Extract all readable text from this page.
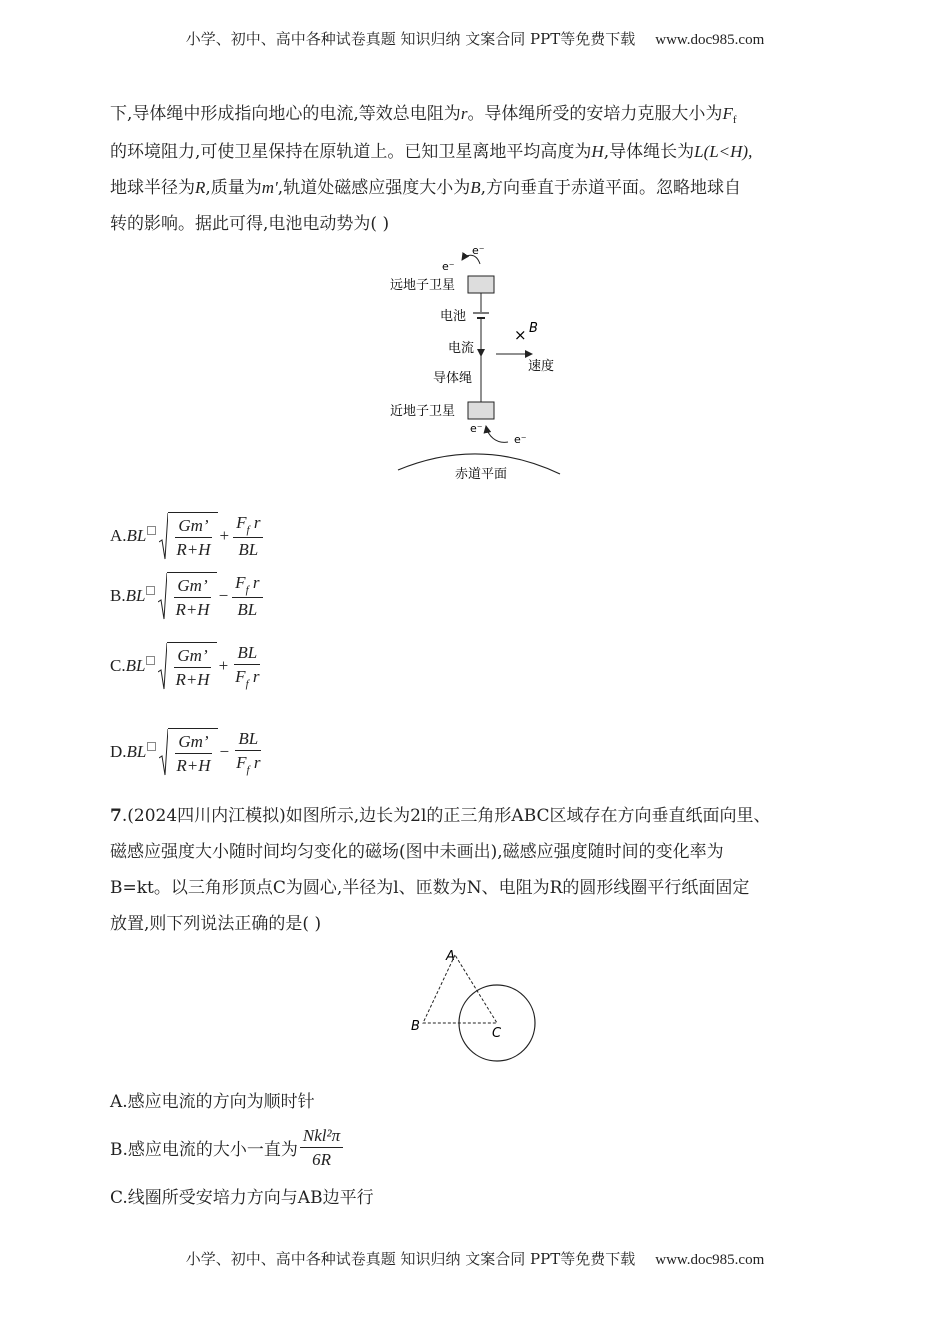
小学、初中、高中各种试卷真题 知识归纳 文案合同 PPT等免费下载 www.doc985.com
下,导体绳中形成指向地心的电流,等效总电阻为r。导体绳所受的安培力克服大小为$F_f$
的环境阻力,可使卫星保持在原轨道上。已知卫星离地平均高度为H,导体绳长为L(L<H),
地球半径为R,质量为m′,轨道处磁感应强度大小为B,方向垂直于赤道平面。忽略地球自
转的影响。据此可得,电池电动势为( )
e⁻
e⁻
远地子卫星
电池
电流
导体绳
× B
速度
近地子卫星
e⁻
e⁻
赤道平面
A. BL $\frac{Gm’}{R+H} + \frac{F_f r}{BL}$
B. BL $\frac{Gm’}{R+H} - \frac{F_f r}{BL}$
C. BL $\frac{Gm’}{R+H} + \frac{BL}{F_f r}$
D. BL $\frac{Gm’}{R+H} - \frac{BL}{F_f r}$
7.(2024四川内江模拟)如图所示,边长为2l的正三角形ABC区域存在方向垂直纸面向里、
磁感应强度大小随时间均匀变化的磁场(图中未画出),磁感应强度随时间的变化率为
B=kt。以三角形顶点C为圆心,半径为l、匝数为N、电阻为R的圆形线圈平行纸面固定
放置,则下列说法正确的是( )
A
B	C
A.感应电流的方向为顺时针
B.感应电流的大小一直为 $\frac{\text{Nkl²π}}{6R}$
C.线圈所受安培力方向与AB边平行
小学、初中、高中各种试卷真题 知识归纳 文案合同 PPT等免费下载 www.doc985.com
